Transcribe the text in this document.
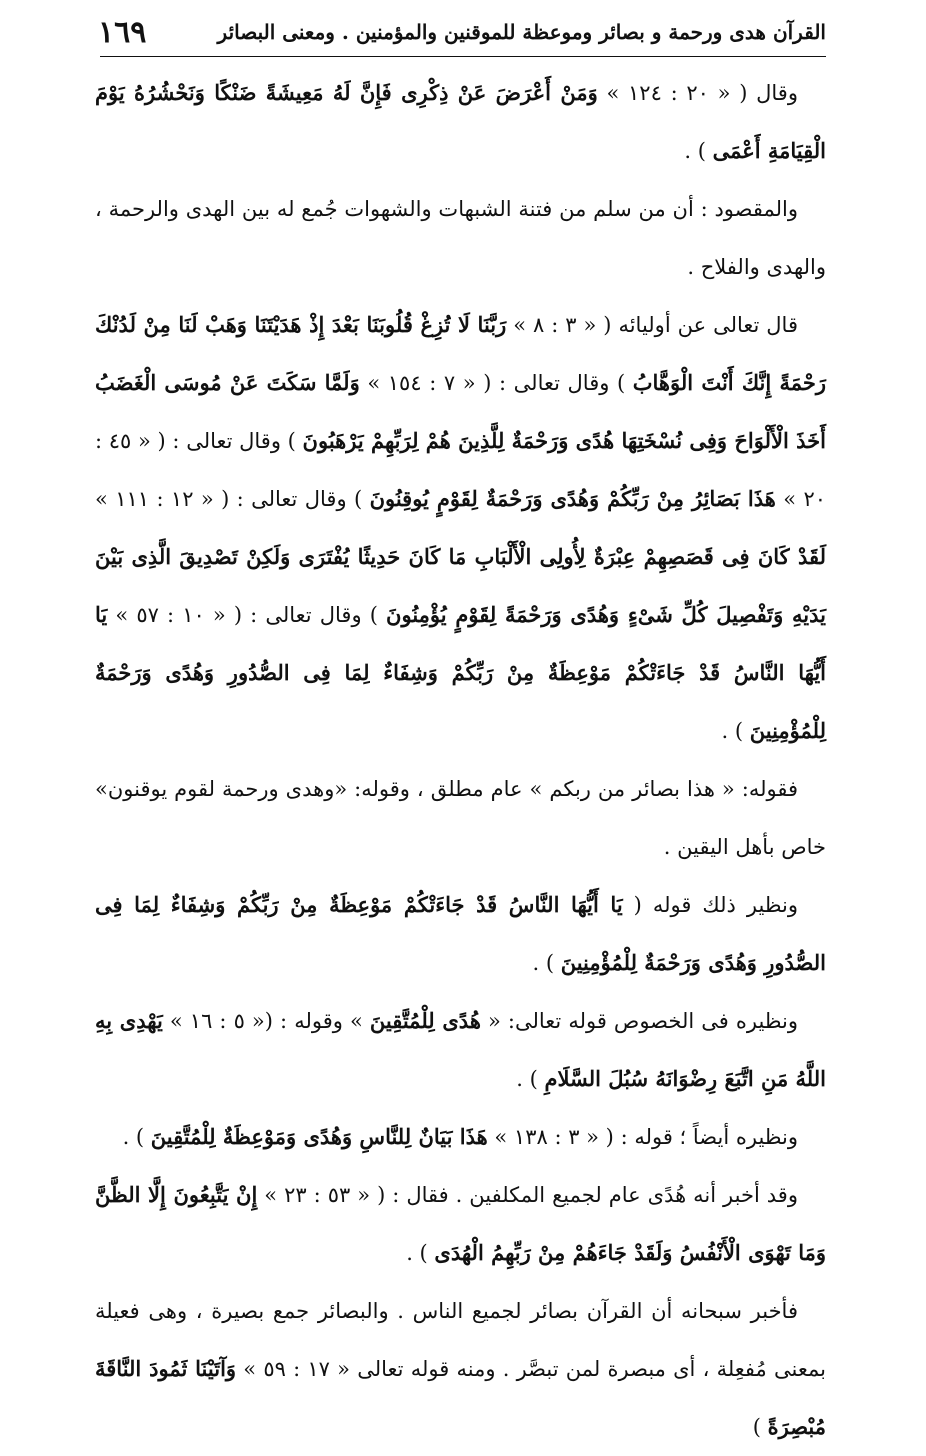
القرآن هدى ورحمة و بصائر وموعظة للموقنين والمؤمنين . ومعنى البصائر
١٦٩

وقال ( « ٢٠ : ١٢٤ » وَمَنْ أَعْرَضَ عَنْ ذِكْرِى فَإِنَّ لَهُ مَعِيشَةً ضَنْكًا وَنَحْشُرُهُ يَوْمَ الْقِيَامَةِ أَعْمَى ) .

والمقصود : أن من سلم من فتنة الشبهات والشهوات جُمع له بين الهدى والرحمة ، والهدى والفلاح .

قال تعالى عن أوليائه ( « ٣ : ٨ » رَبَّنَا لَا تُزِغْ قُلُوبَنَا بَعْدَ إِذْ هَدَيْتَنَا وَهَبْ لَنَا مِنْ لَدُنْكَ رَحْمَةً إِنَّكَ أَنْتَ الْوَهَّابُ ) وقال تعالى : ( « ٧ : ١٥٤ » وَلَمَّا سَكَتَ عَنْ مُوسَى الْغَضَبُ أَخَذَ الْأَلْوَاحَ وَفِى نُسْخَتِهَا هُدًى وَرَحْمَةٌ لِلَّذِينَ هُمْ لِرَبِّهِمْ يَرْهَبُونَ ) وقال تعالى : ( « ٤٥ : ٢٠ » هَذَا بَصَائِرُ مِنْ رَبِّكُمْ وَهُدًى وَرَحْمَةٌ لِقَوْمٍ يُوقِنُونَ ) وقال تعالى : ( « ١٢ : ١١١ » لَقَدْ كَانَ فِى قَصَصِهِمْ عِبْرَةٌ لِأُولِى الْأَلْبَابِ مَا كَانَ حَدِيثًا يُفْتَرَى وَلَكِنْ تَصْدِيقَ الَّذِى بَيْنَ يَدَيْهِ وَتَفْصِيلَ كُلِّ شَىْءٍ وَهُدًى وَرَحْمَةً لِقَوْمٍ يُؤْمِنُونَ ) وقال تعالى : ( « ١٠ : ٥٧ » يَا أَيُّهَا النَّاسُ قَدْ جَاءَتْكُمْ مَوْعِظَةٌ مِنْ رَبِّكُمْ وَشِفَاءٌ لِمَا فِى الصُّدُورِ وَهُدًى وَرَحْمَةٌ لِلْمُؤْمِنِينَ ) .

فقوله: « هذا بصائر من ربكم » عام مطلق ، وقوله: «وهدى ورحمة لقوم يوقنون» خاص بأهل اليقين .

ونظير ذلك قوله ( يَا أَيُّهَا النَّاسُ قَدْ جَاءَتْكُمْ مَوْعِظَةٌ مِنْ رَبِّكُمْ وَشِفَاءٌ لِمَا فِى الصُّدُورِ وَهُدًى وَرَحْمَةٌ لِلْمُؤْمِنِينَ ) .

ونظيره فى الخصوص قوله تعالى: « هُدًى لِلْمُتَّقِينَ » وقوله : (« ٥ : ١٦ » يَهْدِى بِهِ اللَّهُ مَنِ اتَّبَعَ رِضْوَانَهُ سُبُلَ السَّلَامِ ) .

ونظيره أيضاً ؛ قوله : ( « ٣ : ١٣٨ » هَذَا بَيَانٌ لِلنَّاسِ وَهُدًى وَمَوْعِظَةٌ لِلْمُتَّقِينَ ) .

وقد أخبر أنه هُدًى عام لجميع المكلفين . فقال : ( « ٥٣ : ٢٣ » إِنْ يَتَّبِعُونَ إِلَّا الظَّنَّ وَمَا تَهْوَى الْأَنْفُسُ وَلَقَدْ جَاءَهُمْ مِنْ رَبِّهِمُ الْهُدَى ) .

فأخبر سبحانه أن القرآن بصائر لجميع الناس . والبصائر جمع بصيرة ، وهى فعيلة بمعنى مُفعِلة ، أى مبصرة لمن تبصَّر . ومنه قوله تعالى « ١٧ : ٥٩ » وَآتَيْنَا ثَمُودَ النَّاقَةَ مُبْصِرَةً )
